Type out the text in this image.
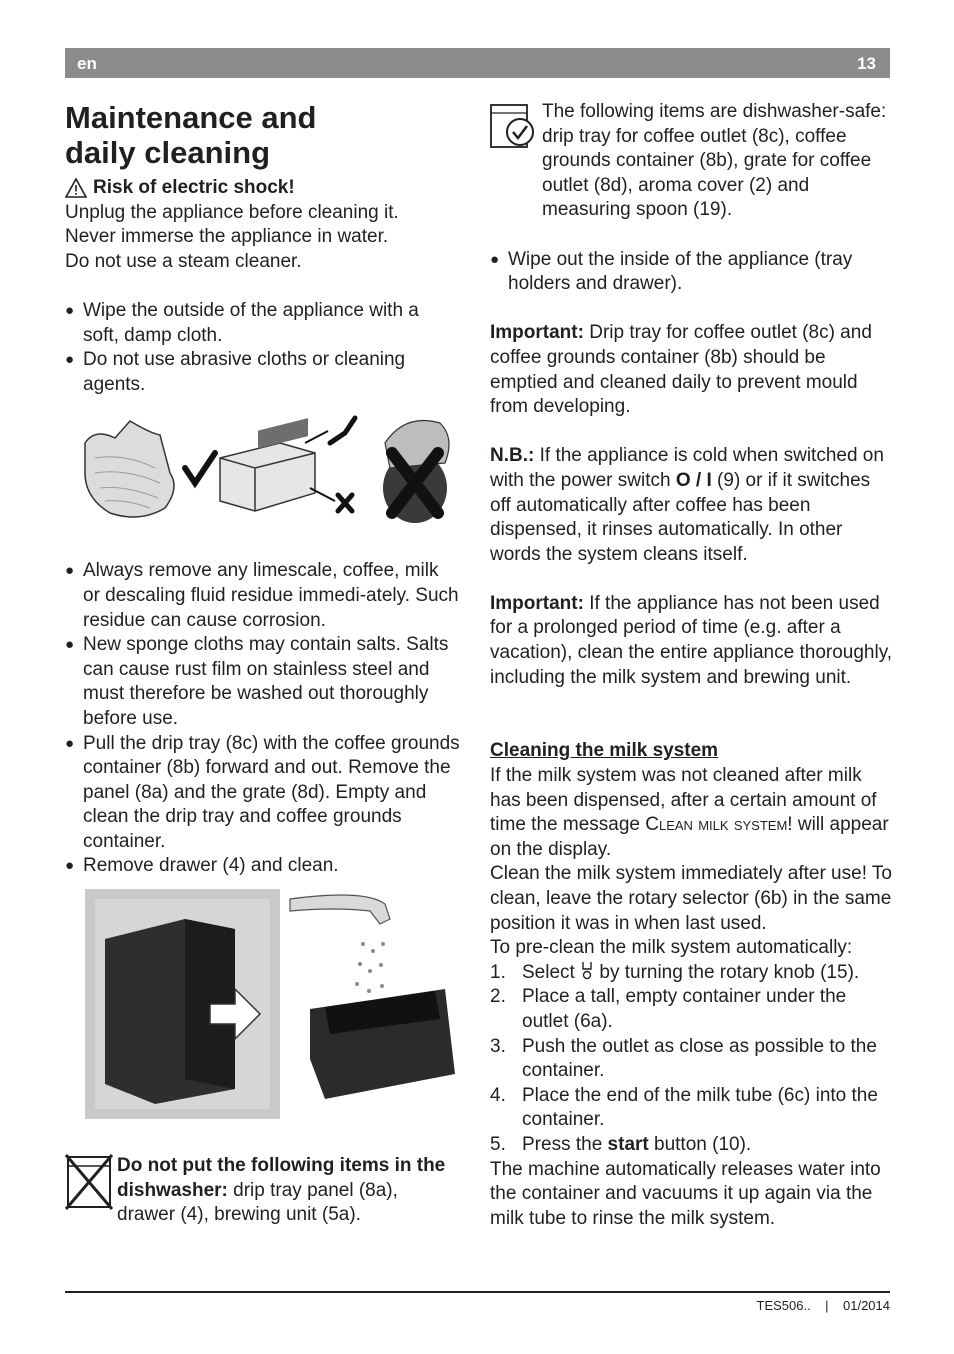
en	13
Maintenance and
daily cleaning
Risk of electric shock!

Unplug the appliance before cleaning it.

Never immerse the appliance in water.

Do not use a steam cleaner.

● Wipe the outside of the appliance with a soft, damp cloth.
● Do not use abrasive cloths or cleaning agents.
● Always remove any limescale, coffee, milk or descaling fluid residue immedi-ately. Such residue can cause corrosion.
● New sponge cloths may contain salts. Salts can cause rust film on stainless steel and must therefore be washed out thoroughly before use.
● Pull the drip tray (8c) with the coffee grounds container (8b) forward and out. Remove the panel (8a) and the grate (8d). Empty and clean the drip tray and coffee grounds container.
● Remove drawer (4) and clean.

Do not put the following items in the dishwasher: drip tray panel (8a), drawer (4), brewing unit (5a).

The following items are dishwasher-safe: drip tray for coffee outlet (8c), coffee grounds container (8b), grate for coffee outlet (8d), aroma cover (2) and measuring spoon (19).

● Wipe out the inside of the appliance (tray holders and drawer).

Important: Drip tray for coffee outlet (8c) and coffee grounds container (8b) should be emptied and cleaned daily to prevent mould from developing.

N.B.: If the appliance is cold when switched on with the power switch O / I (9) or if it switches off automatically after coffee has been dispensed, it rinses automatically. In other words the system cleans itself.

Important: If the appliance has not been used for a prolonged period of time (e.g. after a vacation), clean the entire appliance thoroughly, including the milk system and brewing unit.

Cleaning the milk system

If the milk system was not cleaned after milk has been dispensed, after a certain amount of time the message Clean milk system! will appear on the display.

Clean the milk system immediately after use! To clean, leave the rotary selector (6b) in the same position it was in when last used.

To pre-clean the milk system automatically:

1. Select  by turning the rotary knob (15).
2. Place a tall, empty container under the outlet (6a).
3. Push the outlet as close as possible to the container.
4. Place the end of the milk tube (6c) into the container.
5. Press the start button (10).

The machine automatically releases water into the container and vacuums it up again via the milk tube to rinse the milk system.

TES506.. | 01/2014
